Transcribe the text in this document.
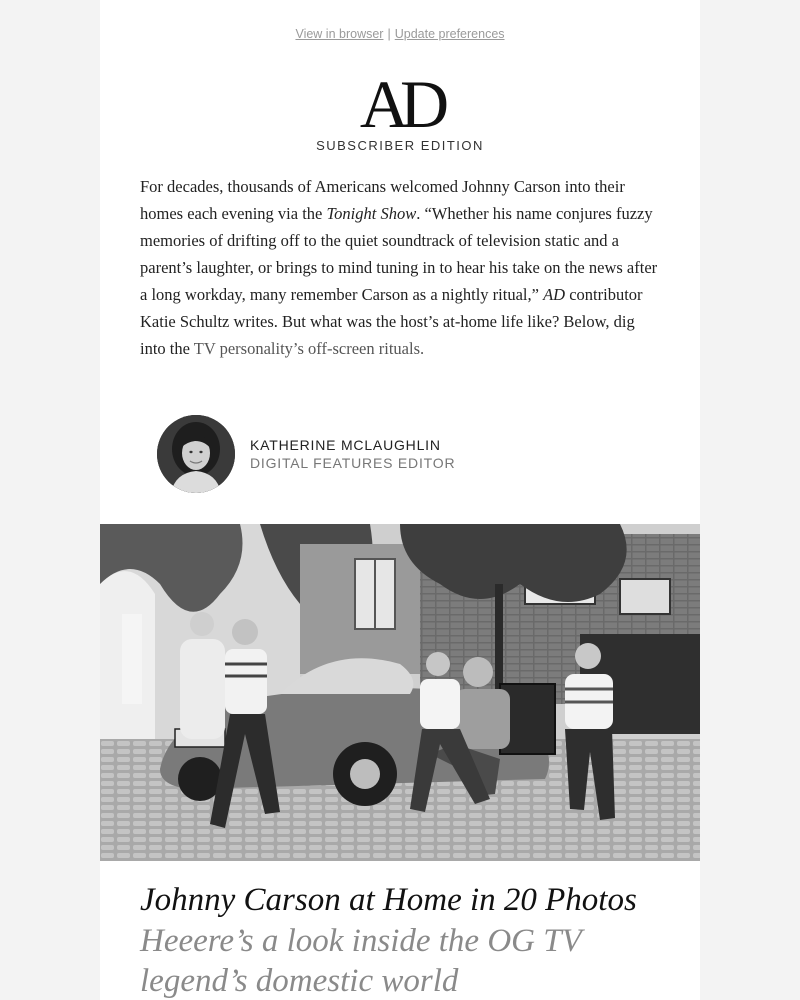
View in browser | Update preferences
AD
SUBSCRIBER EDITION

For decades, thousands of Americans welcomed Johnny Carson into their homes each evening via the Tonight Show. “Whether his name conjures fuzzy memories of drifting off to the quiet soundtrack of television static and a parent’s laughter, or brings to mind tuning in to hear his take on the news after a long workday, many remember Carson as a nightly ritual,” AD contributor Katie Schultz writes. But what was the host’s at-home life like? Below, dig into the TV personality’s off-screen rituals.

KATHERINE MCLAUGHLIN
DIGITAL FEATURES EDITOR
Johnny Carson at Home in 20 Photos
Heeere’s a look inside the OG TV legend’s domestic world
